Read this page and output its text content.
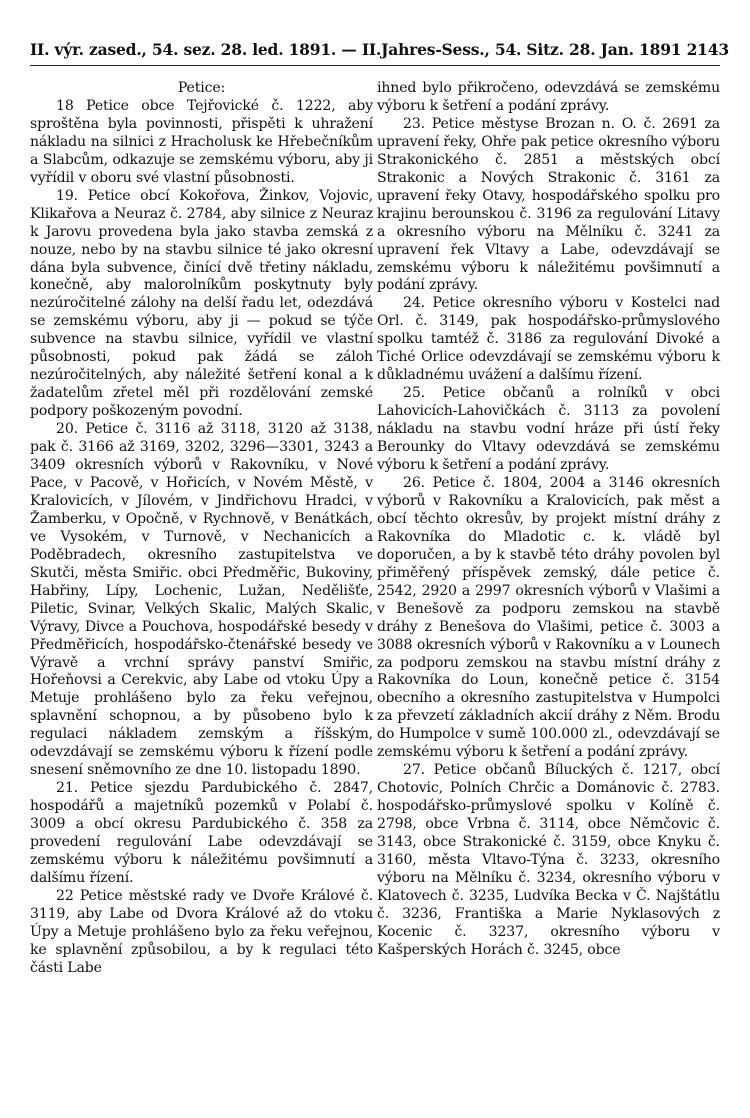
II. výr. zased., 54. sez. 28. led. 1891. — II. Jahres-Sess., 54. Sitz. 28. Jan. 1891 2143

Petice:

18 Petice obce Tejřovické č. 1222, aby sproštěna byla povinnosti, přispěti k uhražení nákladu na silnici z Hracholusk ke Hřebečníkům a Slabcům, odkazuje se zemskému výboru, aby ji vyřídil v oboru své vlastní působnosti.

19. Petice obcí Kokořova, Žinkov, Vojovic, Klikařova a Neuraz č. 2784, aby silnice z Neuraz k Jarovu provedena byla jako stavba zemská z nouze, nebo by na stavbu silnice té jako okresní dána byla subvence, činící dvě třetiny nákladu, konečně, aby malorolníkům poskytnuty byly nezúročitelné zálohy na delší řadu let, odezdává se zemskému výboru, aby ji — pokud se týče subvence na stavbu silnice, vyřídil ve vlastní působnosti, pokud pak žádá se záloh nezúročitelných, aby náležité šetření konal a k žadatelům zřetel měl při rozdělování zemské podpory poškozeným povodní.

20. Petice č. 3116 až 3118, 3120 až 3138, pak č. 3166 až 3169, 3202, 3296—3301, 3243 a 3409 okresních výborů v Rakovníku, v Nové Pace, v Pacově, v Hořicích, v Novém Městě, v Kralovicích, v Jílovém, v Jindřichovu Hradci, v Žamberku, v Opočně, v Rychnově, v Benátkách, ve Vysokém, v Turnově, v Nechanicích a Poděbradech, okresního zastupitelstva ve Skutči, města Smiřic. obci Předměřic, Bukoviny, Habřiny, Lípy, Lochenic, Lužan, Nedělišťe, Piletic, Svinar, Velkých Skalic, Malých Skalic, Výravy, Divce a Pouchova, hospodářské besedy v Předměřicích, hospodářsko-čtenářské besedy ve Výravě a vrchní správy panství Smiřic, Hořeňovsi a Cerekvic, aby Labe od vtoku Úpy a Metuje prohlášeno bylo za řeku veřejnou, splavnění schopnou, a by působeno bylo k regulaci nákladem zemským a říšským, odevzdávají se zemskému výboru k řízení podle snesení sněmovního ze dne 10. listopadu 1890.

21. Petice sjezdu Pardubického č. 2847, hospodářů a majetníků pozemků v Polabí č. 3009 a obcí okresu Pardubického č. 358 za provedení regulování Labe odevzdávají se zemskému výboru k náležitému povšimnutí a dalšímu řízení.

22 Petice městské rady ve Dvoře Králové č. 3119, aby Labe od Dvora Králové až do vtoku Úpy a Metuje prohlášeno bylo za řeku veřejnou, ke splavnění způsobilou, a by k regulaci této části Labe

ihned bylo přikročeno, odevzdává se zemskému výboru k šetření a podání zprávy.

23. Petice městyse Brozan n. O. č. 2691 za upravení řeky, Ohře pak petice okresního výboru Strakonického č. 2851 a městských obcí Strakonic a Nových Strakonic č. 3161 za upravení řeky Otavy, hospodářského spolku pro krajinu berounskou č. 3196 za regulování Litavy a okresního výboru na Mělníku č. 3241 za upravení řek Vltavy a Labe, odevzdávají se zemskému výboru k náležitému povšimnutí a podání zprávy.

24. Petice okresního výboru v Kostelci nad Orl. č. 3149, pak hospodářsko-průmyslového spolku tamtéž č. 3186 za regulování Divoké a Tiché Orlice odevzdávají se zemskému výboru k důkladnému uvážení a dalšímu řízení.

25. Petice občanů a rolníků v obci Lahovicích-Lahovičkách č. 3113 za povolení nákladu na stavbu vodní hráze při ústí řeky Berounky do Vltavy odevzdává se zemskému výboru k šetření a podání zprávy.

26. Petice č. 1804, 2004 a 3146 okresních výborů v Rakovníku a Kralovicích, pak měst a obcí těchto okresův, by projekt místní dráhy z Rakovníka do Mladotic c. k. vládě byl doporučen, a by k stavbě této dráhy povolen byl přiměřený příspěvek zemský, dále petice č. 2542, 2920 a 2997 okresních výborů v Vlašimi a v Benešově za podporu zemskou na stavbě dráhy z Benešova do Vlašimi, petice č. 3003 a 3088 okresních výborů v Rakovníku a v Lounech za podporu zemskou na stavbu místní dráhy z Rakovníka do Loun, konečně petice č. 3154 obecního a okresního zastupitelstva v Humpolci za převzetí základních akcií dráhy z Něm. Brodu do Humpolce v sumě 100.000 zl., odevzdávají se zemskému výboru k šetření a podání zprávy.

27. Petice občanů Bíluckých č. 1217, obcí Chotovic, Polních Chrčic a Dománovic č. 2783. hospodářsko-průmyslové spolku v Kolíně č. 2798, obce Vrbna č. 3114, obce Němčovic č. 3143, obce Strakonické č. 3159, obce Knyku č. 3160, města Vltavo-Týna č. 3233, okresního výboru na Mělníku č. 3234, okresního výboru v Klatovech č. 3235, Ludvíka Becka v Č. Najštátlu č. 3236, Františka a Marie Nyklasových z Kocenic č. 3237, okresního výboru v Kašperských Horách č. 3245, obce
